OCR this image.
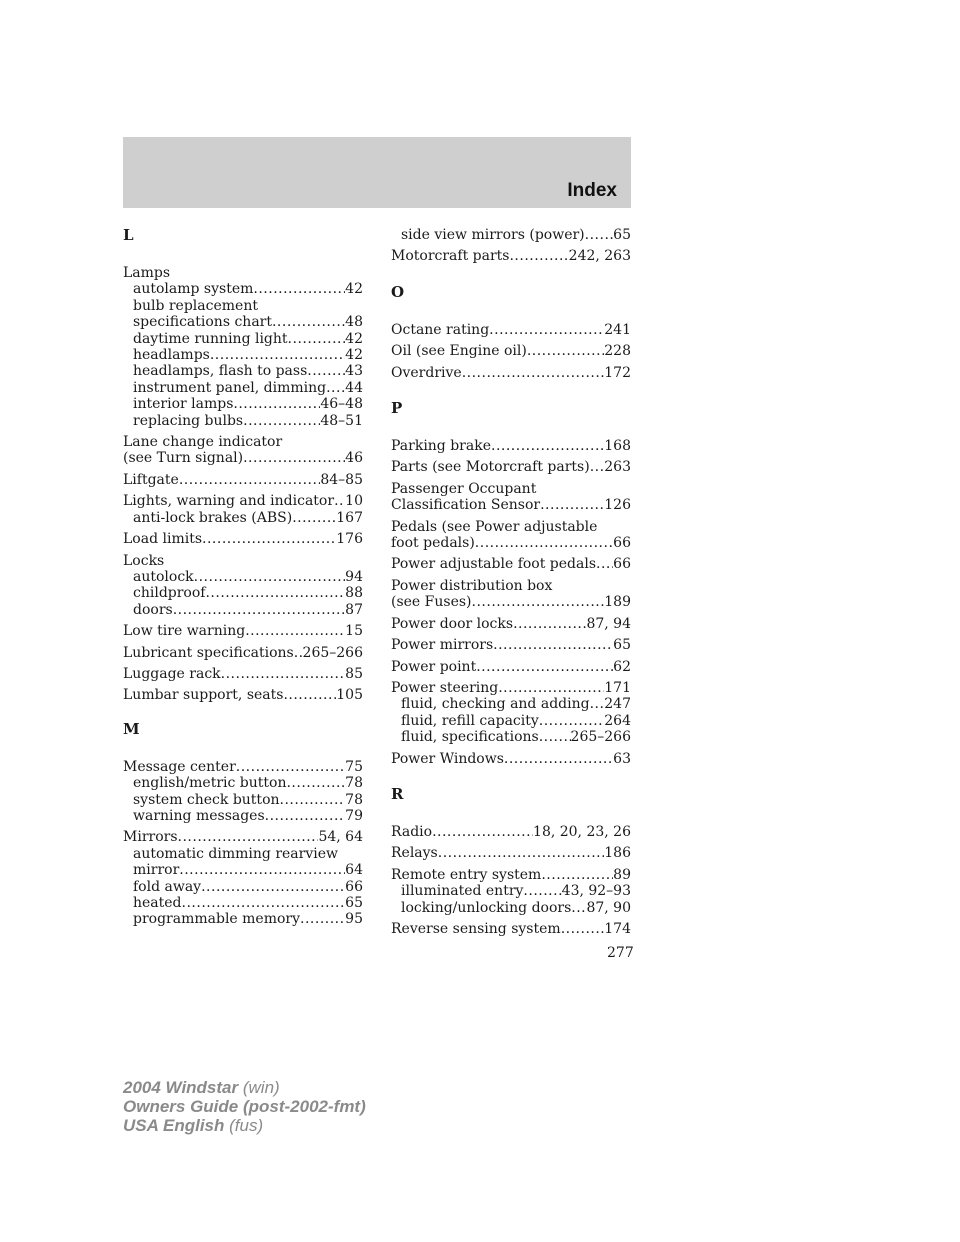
Index
L
Lamps
autolamp system .....	42
bulb replacement
specifications chart .....	48
daytime running light .....	42
headlamps .....	42
headlamps, flash to pass .....	43
instrument panel, dimming ..... 44
interior lamps .....	46–48
replacing bulbs .....	48–51
Lane change indicator
(see Turn signal) .....	46
Liftgate .....	84–85
Lights, warning and indicator ..... 10
anti-lock brakes (ABS) .....	167
Load limits .....	176
Locks
autolock .....	94
childproof .....	88
doors .....	87
Low tire warning .....	15
Lubricant specifications ..... 265–266
Luggage rack .....	85
Lumbar support, seats .....	105
M
Message center .....	75
english/metric button .....	78
system check button .....	78
warning messages .....	79
Mirrors .....	54, 64
automatic dimming rearview
mirror .....	64
fold away .....	66
heated .....	65
programmable memory .....	95
side view mirrors (power) ..... 65
Motorcraft parts .....	242, 263
O
Octane rating .....	241
Oil (see Engine oil) .....	228
Overdrive .....	172
P
Parking brake .....	168
Parts (see Motorcraft parts) ..... 263
Passenger Occupant
Classification Sensor .....	126
Pedals (see Power adjustable
foot pedals) .....	66
Power adjustable foot pedals ..... 66
Power distribution box
(see Fuses) .....	189
Power door locks .....	87, 94
Power mirrors .....	65
Power point .....	62
Power steering .....	171
fluid, checking and adding ..... 247
fluid, refill capacity .....	264
fluid, specifications ..... 265–266
Power Windows .....	63
R
Radio .....	18, 20, 23, 26
Relays .....	186
Remote entry system .....	89
illuminated entry .....	43, 92–93
locking/unlocking doors ..... 87, 90
Reverse sensing system .....	174
277
2004 Windstar (win)
Owners Guide (post-2002-fmt)
USA English (fus)
